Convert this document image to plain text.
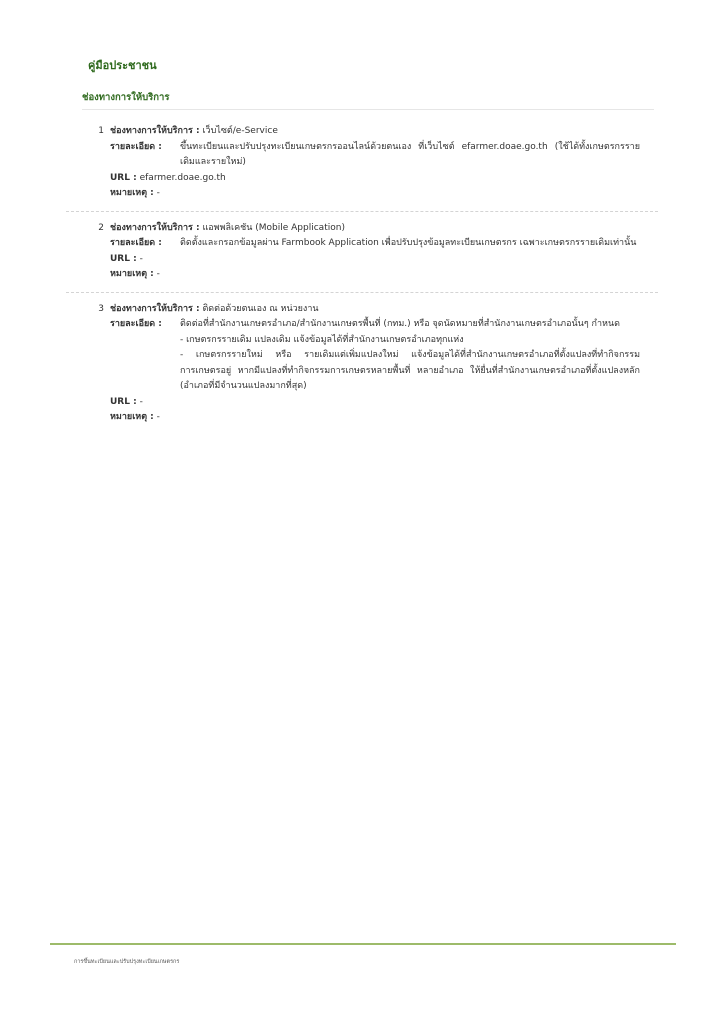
คู่มือประชาชน
ช่องทางการให้บริการ
1 ช่องทางการให้บริการ :
เว็บไซต์/e-Service
รายละเอียด :	ขึ้นทะเบียนและปรับปรุงทะเบียนเกษตรกรออนไลน์ด้วยตนเอง ที่เว็บไซต์ efarmer.doae.go.th (ใช้ได้ทั้งเกษตรกรรายเดิมและรายใหม่)

URL :
efarmer.doae.go.th
หมายเหตุ :
-
2 ช่องทางการให้บริการ :
แอพพลิเคชัน (Mobile Application)
รายละเอียด :	ติดตั้งและกรอกข้อมูลผ่าน Farmbook Application เพื่อปรับปรุงข้อมูลทะเบียนเกษตรกร เฉพาะเกษตรกรรายเดิมเท่านั้น

URL :
-
หมายเหตุ :
-
3 ช่องทางการให้บริการ :
ติดต่อด้วยตนเอง ณ หน่วยงาน
รายละเอียด :	ติดต่อที่สำนักงานเกษตรอำเภอ/สำนักงานเกษตรพื้นที่ (กทม.) หรือ จุดนัดหมายที่สำนักงานเกษตรอำเภอนั้นๆ กำหนด

- เกษตรกรรายเดิม แปลงเดิม แจ้งข้อมูลได้ที่สำนักงานเกษตรอำเภอทุกแห่ง

- เกษตรกรรายใหม่ หรือ รายเดิมแต่เพิ่มแปลงใหม่ แจ้งข้อมูลได้ที่สำนักงานเกษตรอำเภอที่ตั้งแปลงที่ทำกิจกรรมการเกษตรอยู่ หากมีแปลงที่ทำกิจกรรมการเกษตรหลายพื้นที่ หลายอำเภอ ให้ยื่นที่สำนักงานเกษตรอำเภอที่ตั้งแปลงหลัก (อำเภอที่มีจำนวนแปลงมากที่สุด)

URL :
-
หมายเหตุ :
-
การขึ้นทะเบียนและปรับปรุงทะเบียนเกษตรกร
